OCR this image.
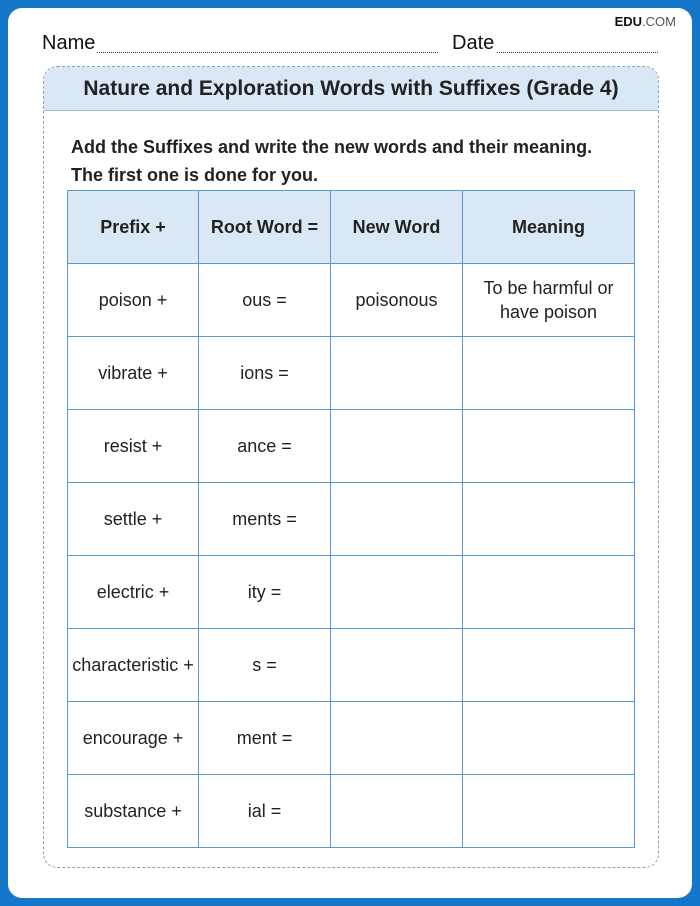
EDU.COM
Name	Date
Nature and Exploration Words with Suffixes (Grade 4)
Add the Suffixes and write the new words and their meaning.
The first one is done for you.
Prefix +	Root Word =	New Word	Meaning
poison +	ous =	poisonous	To be harmful or have poison
vibrate +	ions =		
resist +	ance =		
settle +	ments =		
electric +	ity =		
characteristic +	s =		
encourage +	ment =		
substance +	ial =		
